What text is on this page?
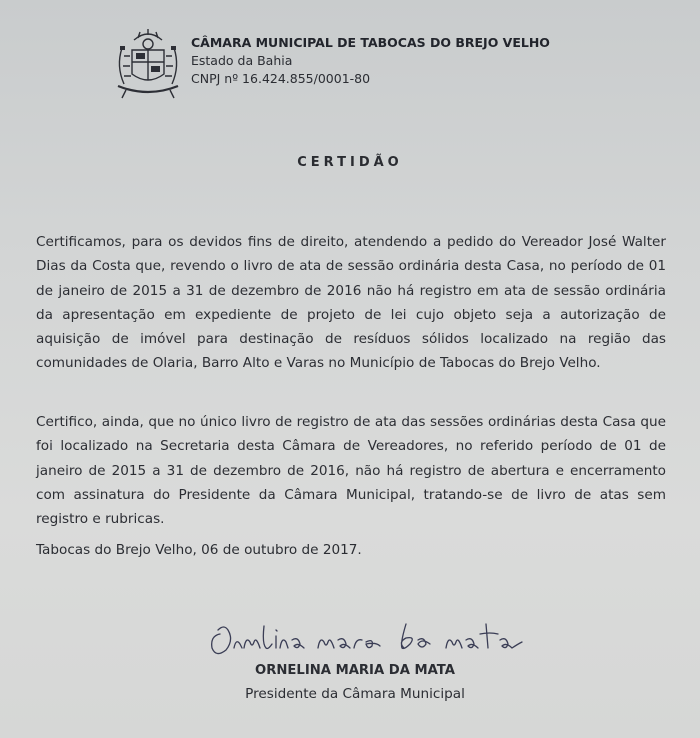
CÂMARA MUNICIPAL DE TABOCAS DO BREJO VELHO
Estado da Bahia
CNPJ nº 16.424.855/0001-80
CERTIDÃO
Certificamos, para os devidos fins de direito, atendendo a pedido do Vereador José Walter Dias da Costa que, revendo o livro de ata de sessão ordinária desta Casa, no período de 01 de janeiro de 2015 a 31 de dezembro de 2016 não há registro em ata de sessão ordinária da apresentação em expediente de projeto de lei cujo objeto seja a autorização de aquisição de imóvel para destinação de resíduos sólidos localizado na região das comunidades de Olaria, Barro Alto e Varas no Município de Tabocas do Brejo Velho.
Certifico, ainda, que no único livro de registro de ata das sessões ordinárias desta Casa que foi localizado na Secretaria desta Câmara de Vereadores, no referido período de 01 de janeiro de 2015 a 31 de dezembro de 2016, não há registro de abertura e encerramento com assinatura do Presidente da Câmara Municipal, tratando-se de livro de atas sem registro e rubricas.
Tabocas do Brejo Velho, 06 de outubro de 2017.
ORNELINA MARIA DA MATA
Presidente da Câmara Municipal
